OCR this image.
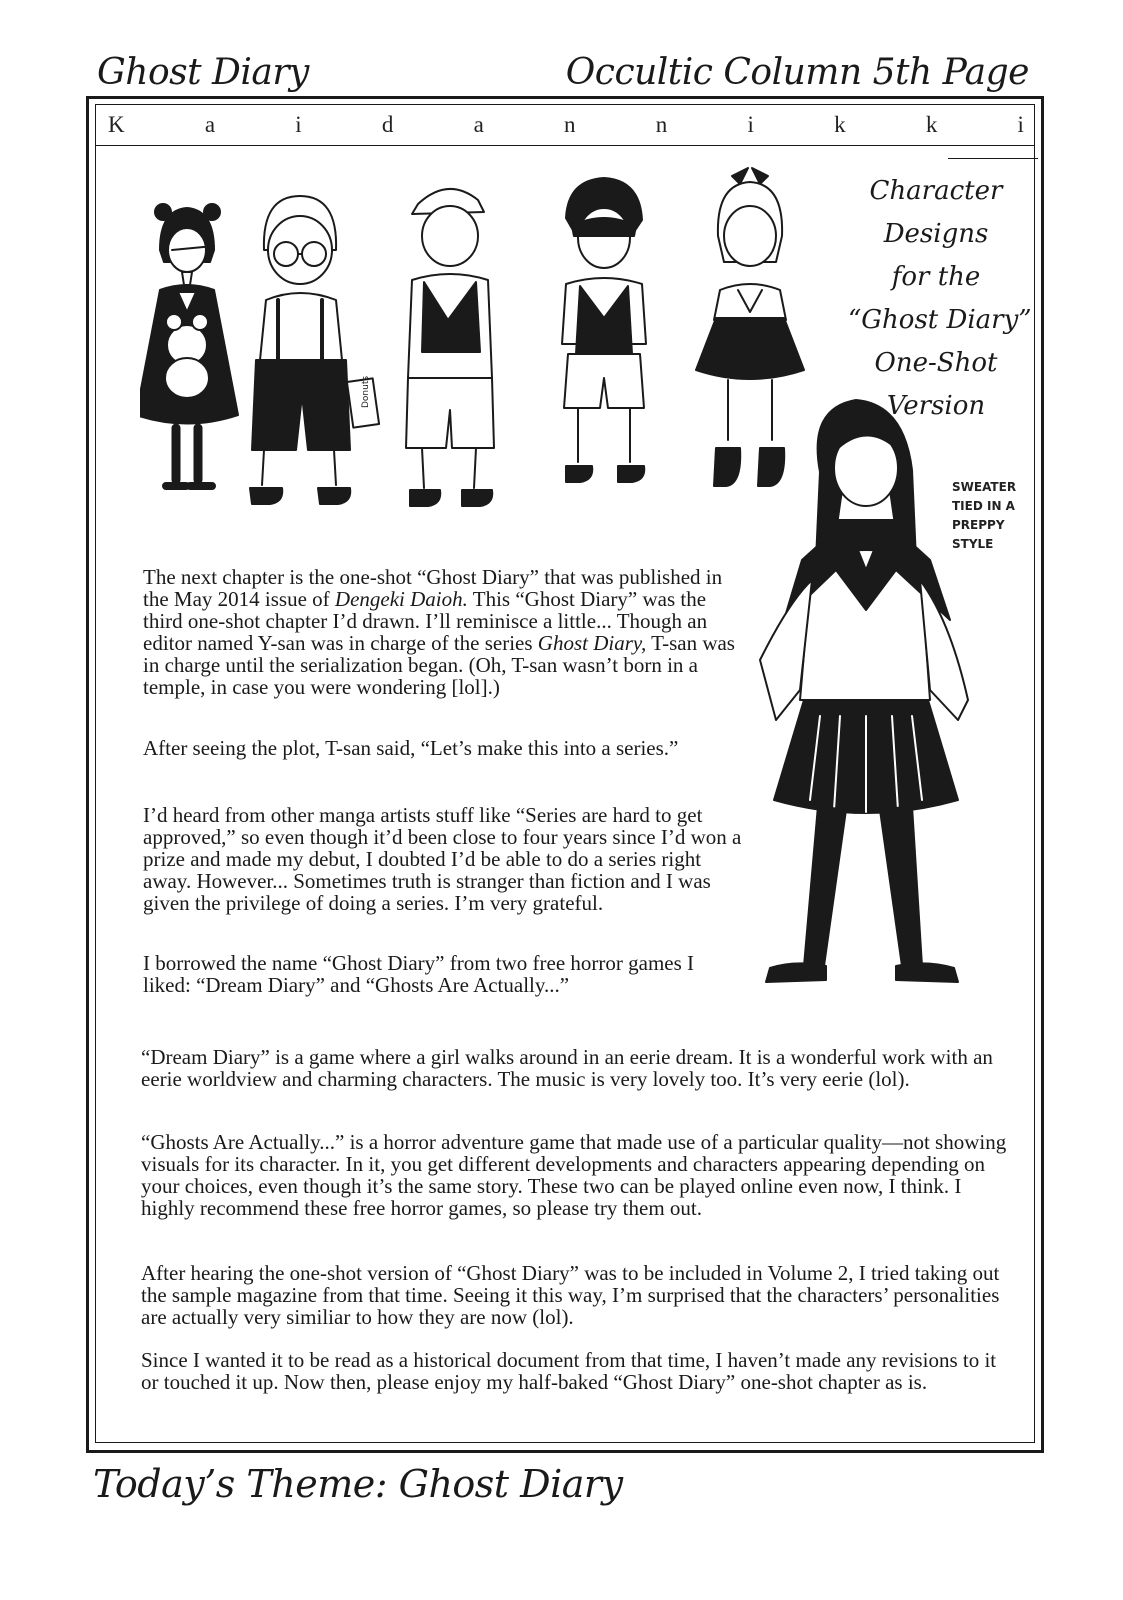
Ghost Diary	Occultic Column 5th Page
K	a	i	d	a	n	n	i	k	k	i
Character
Designs
for the
“Ghost Diary”
One-Shot
Version
Donuts
SWEATER
TIED IN A
PREPPY
STYLE

The next chapter is the one-shot “Ghost Diary” that was published in the May 2014 issue of Dengeki Daioh. This “Ghost Diary” was the third one-shot chapter I’d drawn. I’ll reminisce a little... Though an editor named Y-san was in charge of the series Ghost Diary, T-san was in charge until the serialization began. (Oh, T-san wasn’t born in a temple, in case you were wondering [lol].)

After seeing the plot, T-san said, “Let’s make this into a series.”

I’d heard from other manga artists stuff like “Series are hard to get approved,” so even though it’d been close to four years since I’d won a prize and made my debut, I doubted I’d be able to do a series right away. However... Sometimes truth is stranger than fiction and I was given the privilege of doing a series. I’m very grateful.

I borrowed the name “Ghost Diary” from two free horror games I liked: “Dream Diary” and “Ghosts Are Actually...”

“Dream Diary” is a game where a girl walks around in an eerie dream. It is a wonderful work with an eerie worldview and charming characters. The music is very lovely too. It’s very eerie (lol).

“Ghosts Are Actually...” is a horror adventure game that made use of a particular quality—not showing visuals for its character. In it, you get different developments and characters appearing depending on your choices, even though it’s the same story. These two can be played online even now, I think. I highly recommend these free horror games, so please try them out.

After hearing the one-shot version of “Ghost Diary” was to be included in Volume 2, I tried taking out the sample magazine from that time. Seeing it this way, I’m surprised that the characters’ personalities are actually very similiar to how they are now (lol).

Since I wanted it to be read as a historical document from that time, I haven’t made any revisions to it or touched it up. Now then, please enjoy my half-baked “Ghost Diary” one-shot chapter as is.

Today’s Theme: Ghost Diary
